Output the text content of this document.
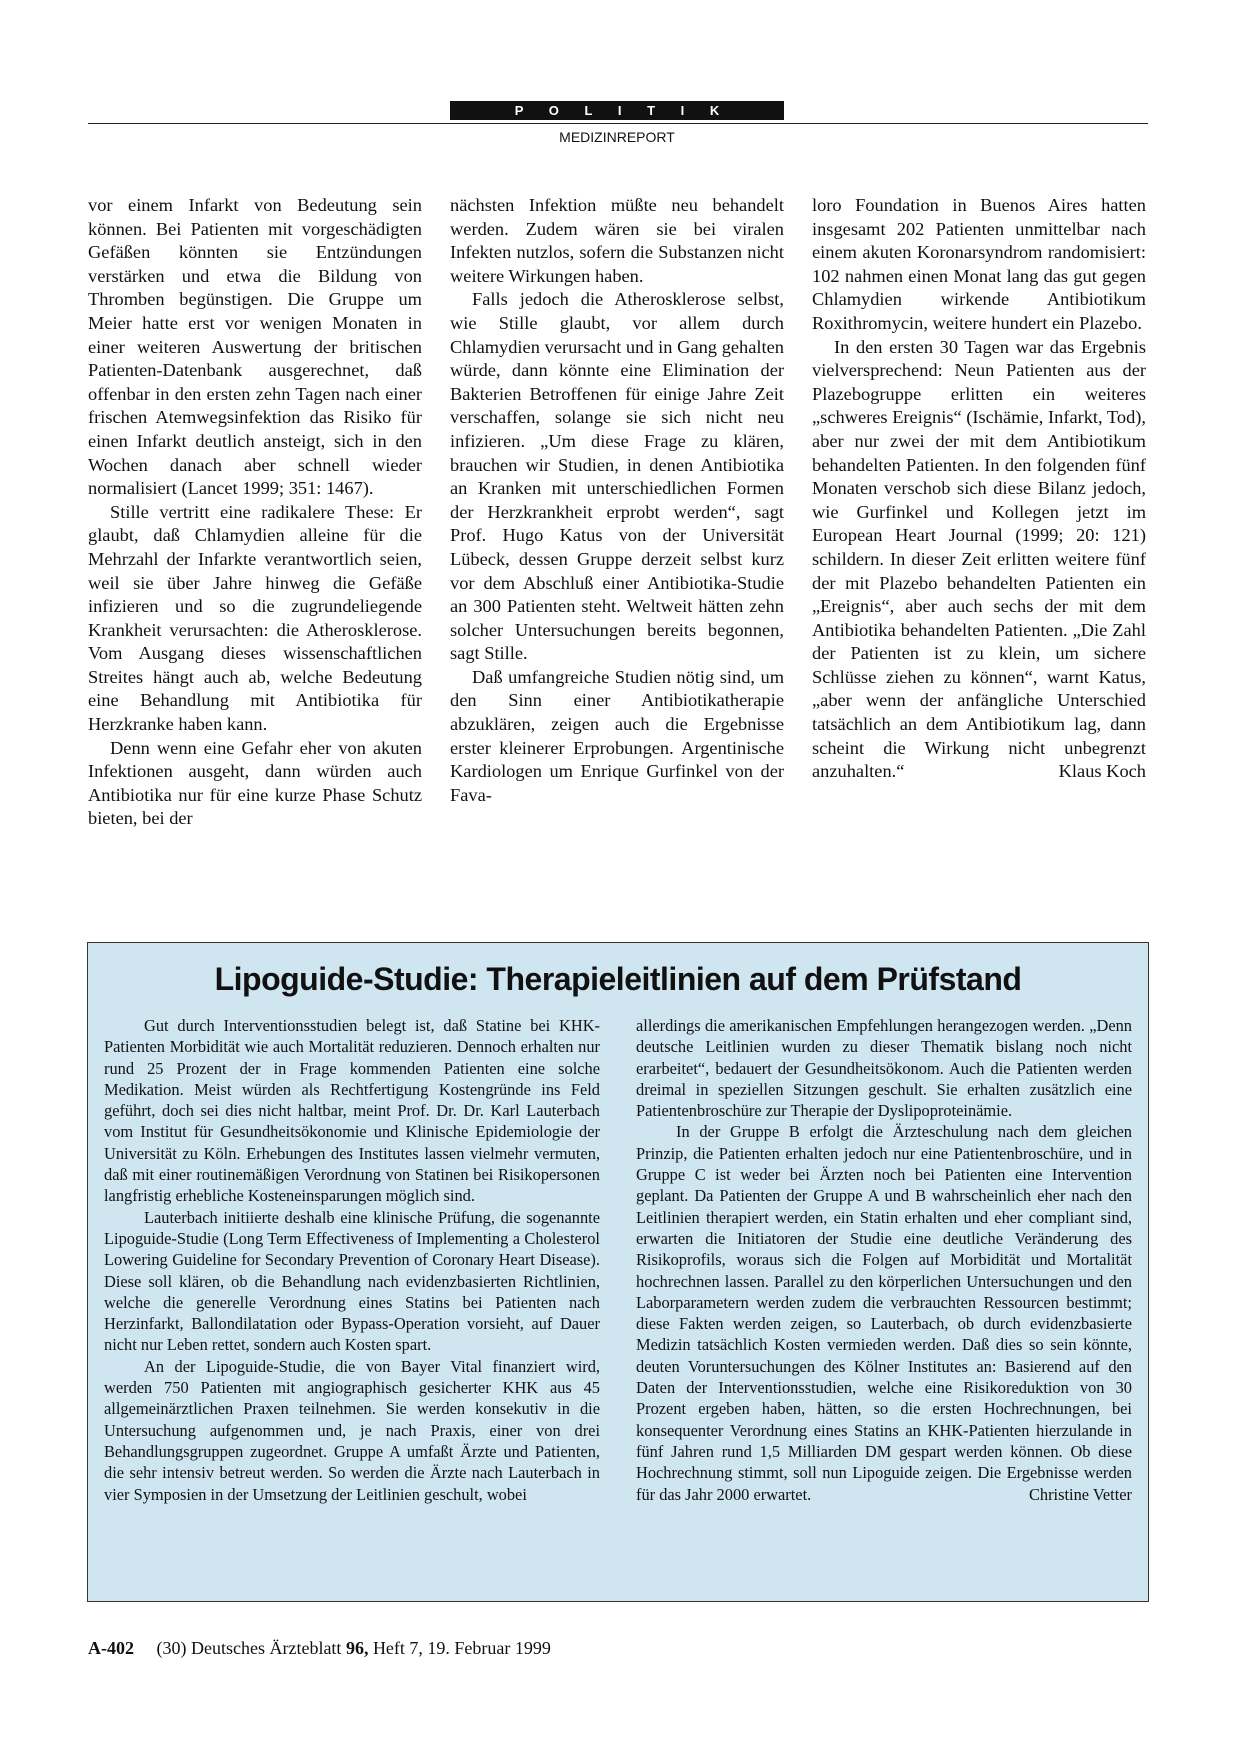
P O L I T I K
MEDIZINREPORT

vor einem Infarkt von Bedeutung sein können. Bei Patienten mit vorgeschädigten Gefäßen könnten sie Entzündungen verstärken und etwa die Bildung von Thromben begünstigen. Die Gruppe um Meier hatte erst vor wenigen Monaten in einer weiteren Auswertung der britischen Patienten-Datenbank ausgerechnet, daß offenbar in den ersten zehn Tagen nach einer frischen Atemwegsinfektion das Risiko für einen Infarkt deutlich ansteigt, sich in den Wochen danach aber schnell wieder normalisiert (Lancet 1999; 351: 1467).

Stille vertritt eine radikalere These: Er glaubt, daß Chlamydien alleine für die Mehrzahl der Infarkte verantwortlich seien, weil sie über Jahre hinweg die Gefäße infizieren und so die zugrundeliegende Krankheit verursachten: die Atherosklerose. Vom Ausgang dieses wissenschaftlichen Streites hängt auch ab, welche Bedeutung eine Behandlung mit Antibiotika für Herzkranke haben kann.

Denn wenn eine Gefahr eher von akuten Infektionen ausgeht, dann würden auch Antibiotika nur für eine kurze Phase Schutz bieten, bei der

nächsten Infektion müßte neu behandelt werden. Zudem wären sie bei viralen Infekten nutzlos, sofern die Substanzen nicht weitere Wirkungen haben.

Falls jedoch die Atherosklerose selbst, wie Stille glaubt, vor allem durch Chlamydien verursacht und in Gang gehalten würde, dann könnte eine Elimination der Bakterien Betroffenen für einige Jahre Zeit verschaffen, solange sie sich nicht neu infizieren. „Um diese Frage zu klären, brauchen wir Studien, in denen Antibiotika an Kranken mit unterschiedlichen Formen der Herzkrankheit erprobt werden“, sagt Prof. Hugo Katus von der Universität Lübeck, dessen Gruppe derzeit selbst kurz vor dem Abschluß einer Antibiotika-Studie an 300 Patienten steht. Weltweit hätten zehn solcher Untersuchungen bereits begonnen, sagt Stille.

Daß umfangreiche Studien nötig sind, um den Sinn einer Antibiotikatherapie abzuklären, zeigen auch die Ergebnisse erster kleinerer Erprobungen. Argentinische Kardiologen um Enrique Gurfinkel von der Fava-

loro Foundation in Buenos Aires hatten insgesamt 202 Patienten unmittelbar nach einem akuten Koronarsyndrom randomisiert: 102 nahmen einen Monat lang das gut gegen Chlamydien wirkende Antibiotikum Roxithromycin, weitere hundert ein Plazebo.

In den ersten 30 Tagen war das Ergebnis vielversprechend: Neun Patienten aus der Plazebogruppe erlitten ein weiteres „schweres Ereignis“ (Ischämie, Infarkt, Tod), aber nur zwei der mit dem Antibiotikum behandelten Patienten. In den folgenden fünf Monaten verschob sich diese Bilanz jedoch, wie Gurfinkel und Kollegen jetzt im European Heart Journal (1999; 20: 121) schildern. In dieser Zeit erlitten weitere fünf der mit Plazebo behandelten Patienten ein „Ereignis“, aber auch sechs der mit dem Antibiotika behandelten Patienten. „Die Zahl der Patienten ist zu klein, um sichere Schlüsse ziehen zu können“, warnt Katus, „aber wenn der anfängliche Unterschied tatsächlich an dem Antibiotikum lag, dann scheint die Wirkung nicht unbegrenzt anzuhalten.“	Klaus Koch

Lipoguide-Studie: Therapieleitlinien auf dem Prüfstand

Gut durch Interventionsstudien belegt ist, daß Statine bei KHK-Patienten Morbidität wie auch Mortalität reduzieren. Dennoch erhalten nur rund 25 Prozent der in Frage kommenden Patienten eine solche Medikation. Meist würden als Rechtfertigung Kostengründe ins Feld geführt, doch sei dies nicht haltbar, meint Prof. Dr. Dr. Karl Lauterbach vom Institut für Gesundheitsökonomie und Klinische Epidemiologie der Universität zu Köln. Erhebungen des Institutes lassen vielmehr vermuten, daß mit einer routinemäßigen Verordnung von Statinen bei Risikopersonen langfristig erhebliche Kosteneinsparungen möglich sind.

Lauterbach initiierte deshalb eine klinische Prüfung, die sogenannte Lipoguide-Studie (Long Term Effectiveness of Implementing a Cholesterol Lowering Guideline for Secondary Prevention of Coronary Heart Disease). Diese soll klären, ob die Behandlung nach evidenzbasierten Richtlinien, welche die generelle Verordnung eines Statins bei Patienten nach Herzinfarkt, Ballondilatation oder Bypass-Operation vorsieht, auf Dauer nicht nur Leben rettet, sondern auch Kosten spart.

An der Lipoguide-Studie, die von Bayer Vital finanziert wird, werden 750 Patienten mit angiographisch gesicherter KHK aus 45 allgemeinärztlichen Praxen teilnehmen. Sie werden konsekutiv in die Untersuchung aufgenommen und, je nach Praxis, einer von drei Behandlungsgruppen zugeordnet. Gruppe A umfaßt Ärzte und Patienten, die sehr intensiv betreut werden. So werden die Ärzte nach Lauterbach in vier Symposien in der Umsetzung der Leitlinien geschult, wobei

allerdings die amerikanischen Empfehlungen herangezogen werden. „Denn deutsche Leitlinien wurden zu dieser Thematik bislang noch nicht erarbeitet“, bedauert der Gesundheitsökonom. Auch die Patienten werden dreimal in speziellen Sitzungen geschult. Sie erhalten zusätzlich eine Patientenbroschüre zur Therapie der Dyslipoproteinämie.

In der Gruppe B erfolgt die Ärzteschulung nach dem gleichen Prinzip, die Patienten erhalten jedoch nur eine Patientenbroschüre, und in Gruppe C ist weder bei Ärzten noch bei Patienten eine Intervention geplant. Da Patienten der Gruppe A und B wahrscheinlich eher nach den Leitlinien therapiert werden, ein Statin erhalten und eher compliant sind, erwarten die Initiatoren der Studie eine deutliche Veränderung des Risikoprofils, woraus sich die Folgen auf Morbidität und Mortalität hochrechnen lassen. Parallel zu den körperlichen Untersuchungen und den Laborparametern werden zudem die verbrauchten Ressourcen bestimmt; diese Fakten werden zeigen, so Lauterbach, ob durch evidenzbasierte Medizin tatsächlich Kosten vermieden werden. Daß dies so sein könnte, deuten Voruntersuchungen des Kölner Institutes an: Basierend auf den Daten der Interventionsstudien, welche eine Risikoreduktion von 30 Prozent ergeben haben, hätten, so die ersten Hochrechnungen, bei konsequenter Verordnung eines Statins an KHK-Patienten hierzulande in fünf Jahren rund 1,5 Milliarden DM gespart werden können. Ob diese Hochrechnung stimmt, soll nun Lipoguide zeigen. Die Ergebnisse werden für das Jahr 2000 erwartet.	Christine Vetter

A-402 (30) Deutsches Ärzteblatt 96, Heft 7, 19. Februar 1999
